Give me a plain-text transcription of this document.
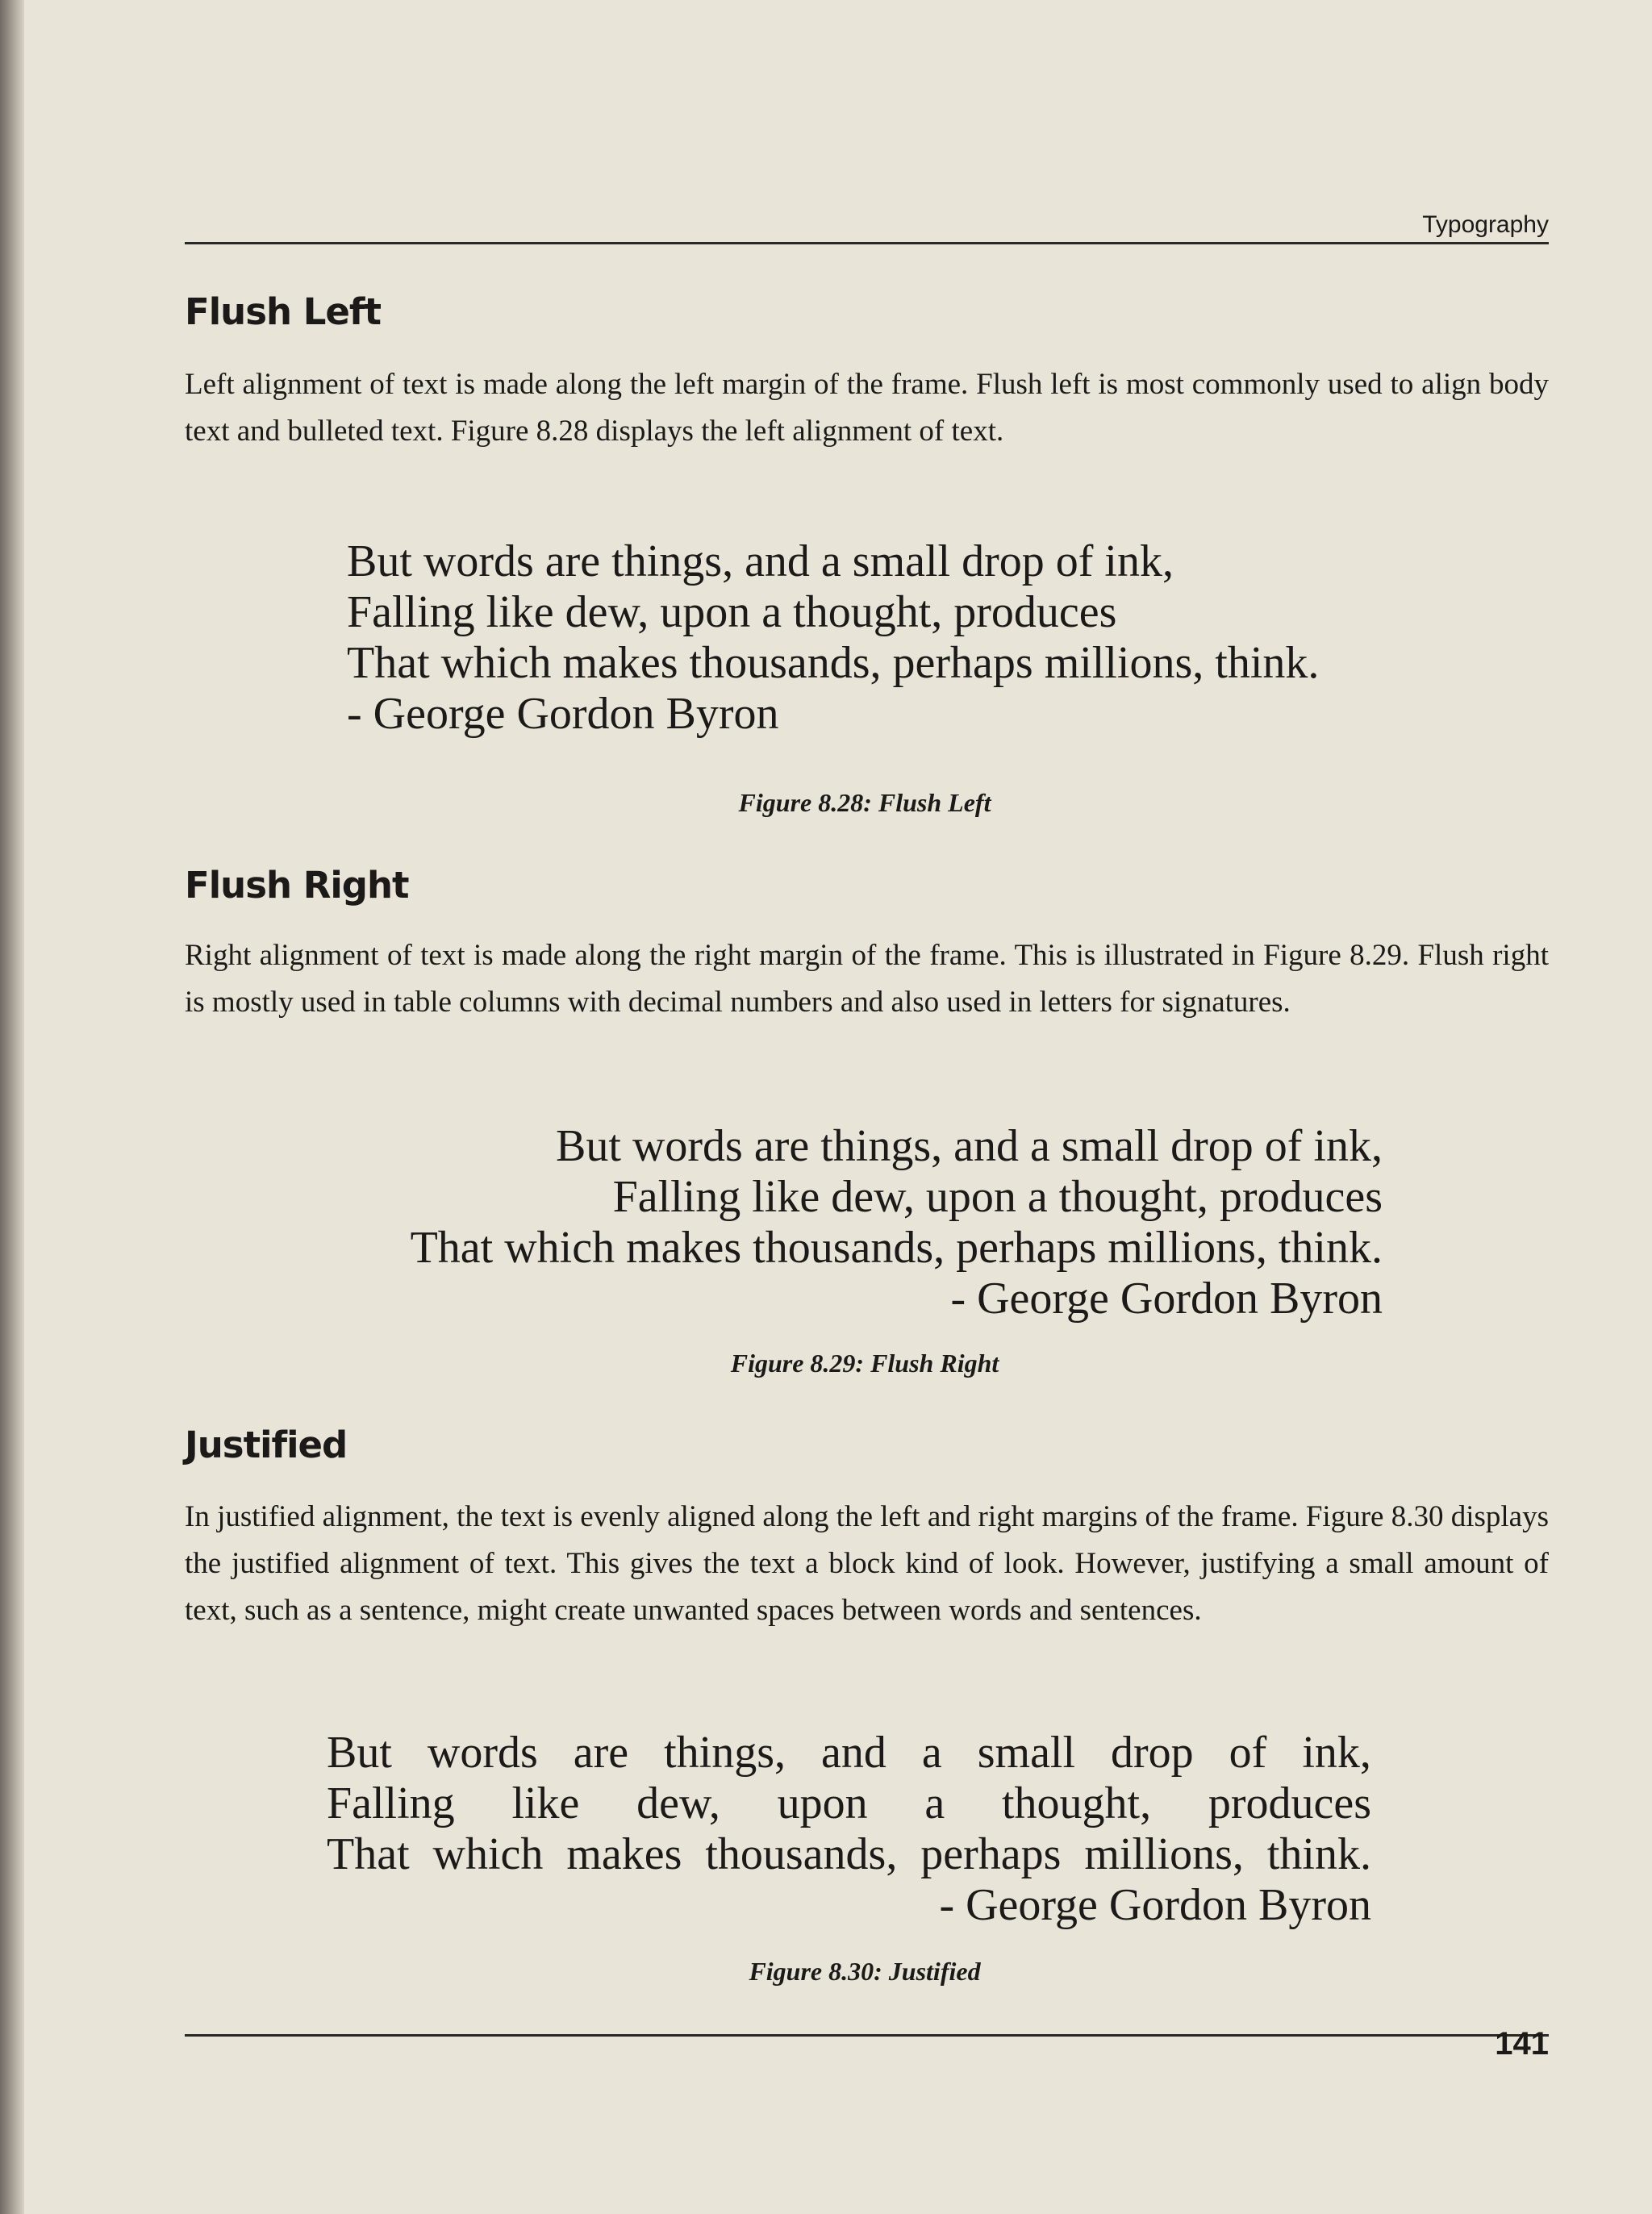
Typography
Flush Left
Left alignment of text is made along the left margin of the frame. Flush left is most commonly used to align body text and bulleted text. Figure 8.28 displays the left alignment of text.
But words are things, and a small drop of ink,
Falling like dew, upon a thought, produces
That which makes thousands, perhaps millions, think.
- George Gordon Byron
Figure 8.28: Flush Left
Flush Right
Right alignment of text is made along the right margin of the frame. This is illustrated in Figure 8.29. Flush right is mostly used in table columns with decimal numbers and also used in letters for signatures.
But words are things, and a small drop of ink,
Falling like dew, upon a thought, produces
That which makes thousands, perhaps millions, think.
- George Gordon Byron
Figure 8.29: Flush Right
Justified
In justified alignment, the text is evenly aligned along the left and right margins of the frame. Figure 8.30 displays the justified alignment of text. This gives the text a block kind of look. However, justifying a small amount of text, such as a sentence, might create unwanted spaces between words and sentences.
But words are things, and a small drop of ink,
Falling like dew, upon a thought, produces
That which makes thousands, perhaps millions, think.
- George Gordon Byron
Figure 8.30: Justified
141
